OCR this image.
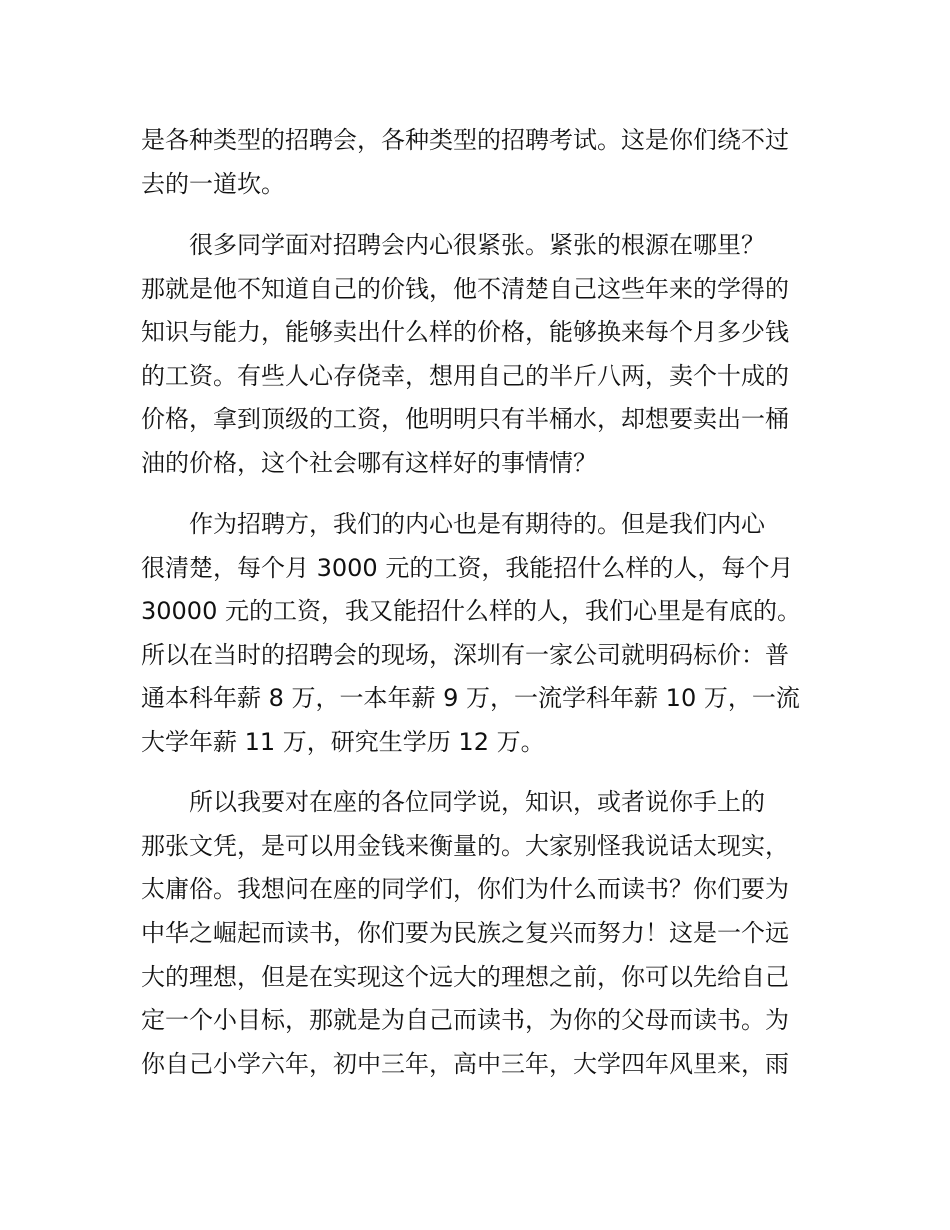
是各种类型的招聘会，各种类型的招聘考试。这是你们绕不过
去的一道坎。
很多同学面对招聘会内心很紧张。紧张的根源在哪里？
那就是他不知道自己的价钱，他不清楚自己这些年来的学得的
知识与能力，能够卖出什么样的价格，能够换来每个月多少钱
的工资。有些人心存侥幸，想用自己的半斤八两，卖个十成的
价格，拿到顶级的工资，他明明只有半桶水，却想要卖出一桶
油的价格，这个社会哪有这样好的事情情？
作为招聘方，我们的内心也是有期待的。但是我们内心
很清楚，每个月 3000 元的工资，我能招什么样的人，每个月
30000 元的工资，我又能招什么样的人，我们心里是有底的。
所以在当时的招聘会的现场，深圳有一家公司就明码标价：普
通本科年薪 8 万，一本年薪 9 万，一流学科年薪 10 万，一流
大学年薪 11 万，研究生学历 12 万。
所以我要对在座的各位同学说，知识，或者说你手上的
那张文凭，是可以用金钱来衡量的。大家别怪我说话太现实，
太庸俗。我想问在座的同学们，你们为什么而读书？你们要为
中华之崛起而读书，你们要为民族之复兴而努力！这是一个远
大的理想，但是在实现这个远大的理想之前，你可以先给自己
定一个小目标，那就是为自己而读书，为你的父母而读书。为
你自己小学六年，初中三年，高中三年，大学四年风里来，雨
